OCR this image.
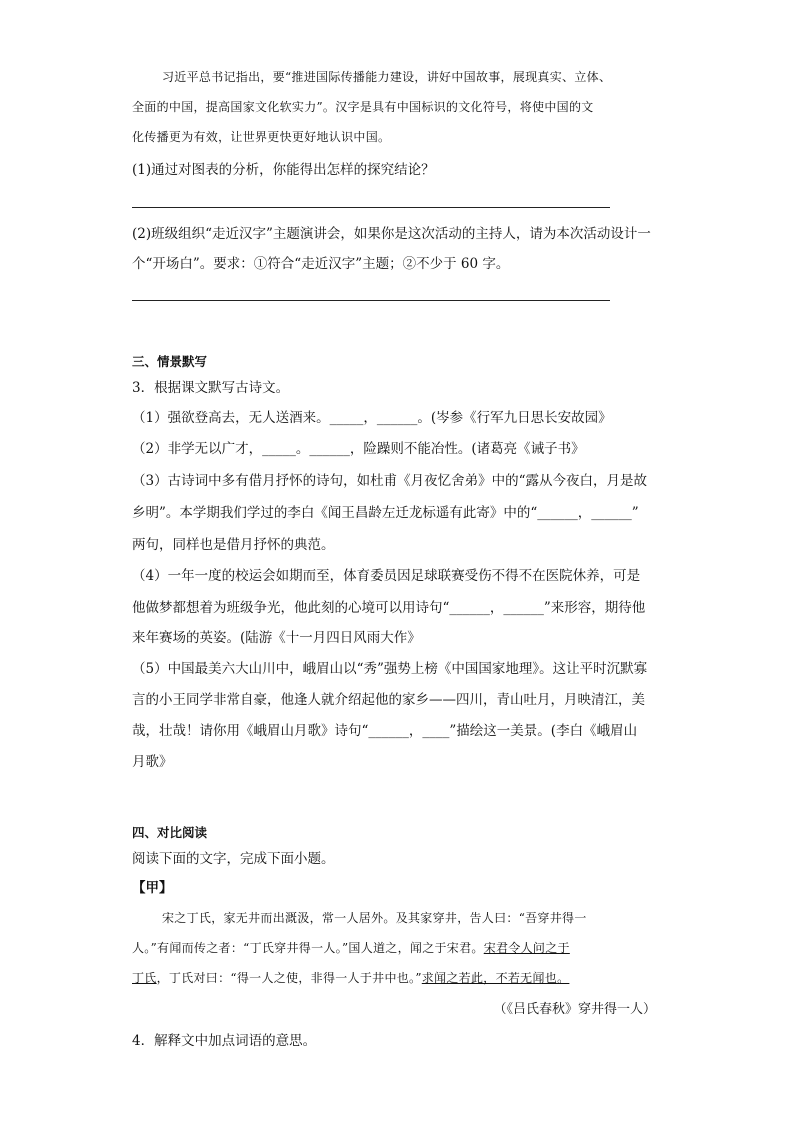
习近平总书记指出，要“推进国际传播能力建设，讲好中国故事，展现真实、立体、
全面的中国，提高国家文化软实力”。汉字是具有中国标识的文化符号，将使中国的文
化传播更为有效，让世界更快更好地认识中国。
(1)通过对图表的分析，你能得出怎样的探究结论？
(2)班级组织“走近汉字”主题演讲会，如果你是这次活动的主持人，请为本次活动设计一
个“开场白”。要求：①符合“走近汉字”主题；②不少于 60 字。
三、情景默写
3．根据课文默写古诗文。
（1）强欲登高去，无人送酒来。_____，______。(岑参《行军九日思长安故园》
（2）非学无以广才，_____。______，险躁则不能冶性。(诸葛亮《诫子书》
（3）古诗词中多有借月抒怀的诗句，如杜甫《月夜忆舍弟》中的“露从今夜白，月是故
乡明”。本学期我们学过的李白《闻王昌龄左迁龙标遥有此寄》中的“______，______”
两句，同样也是借月抒怀的典范。
（4）一年一度的校运会如期而至，体育委员因足球联赛受伤不得不在医院休养，可是
他做梦都想着为班级争光，他此刻的心境可以用诗句“______，______”来形容，期待他
来年赛场的英姿。(陆游《十一月四日风雨大作》
（5）中国最美六大山川中，峨眉山以“秀”强势上榜《中国国家地理》。这让平时沉默寡
言的小王同学非常自豪，他逢人就介绍起他的家乡——四川，青山吐月，月映清江，美
哉，壮哉！请你用《峨眉山月歌》诗句“______，____”描绘这一美景。(李白《峨眉山
月歌》
四、对比阅读
阅读下面的文字，完成下面小题。
【甲】
宋之丁氏，家无井而出溉汲，常一人居外。及其家穿井，告人曰：“吾穿井得一
人。”有闻而传之者：“丁氏穿井得一人。”国人道之，闻之于宋君。宋君令人问之于
丁氏，丁氏对曰：“得一人之使，非得一人于井中也。”求闻之若此，不若无闻也。
（《吕氏春秋》穿井得一人）
4．解释文中加点词语的意思。
